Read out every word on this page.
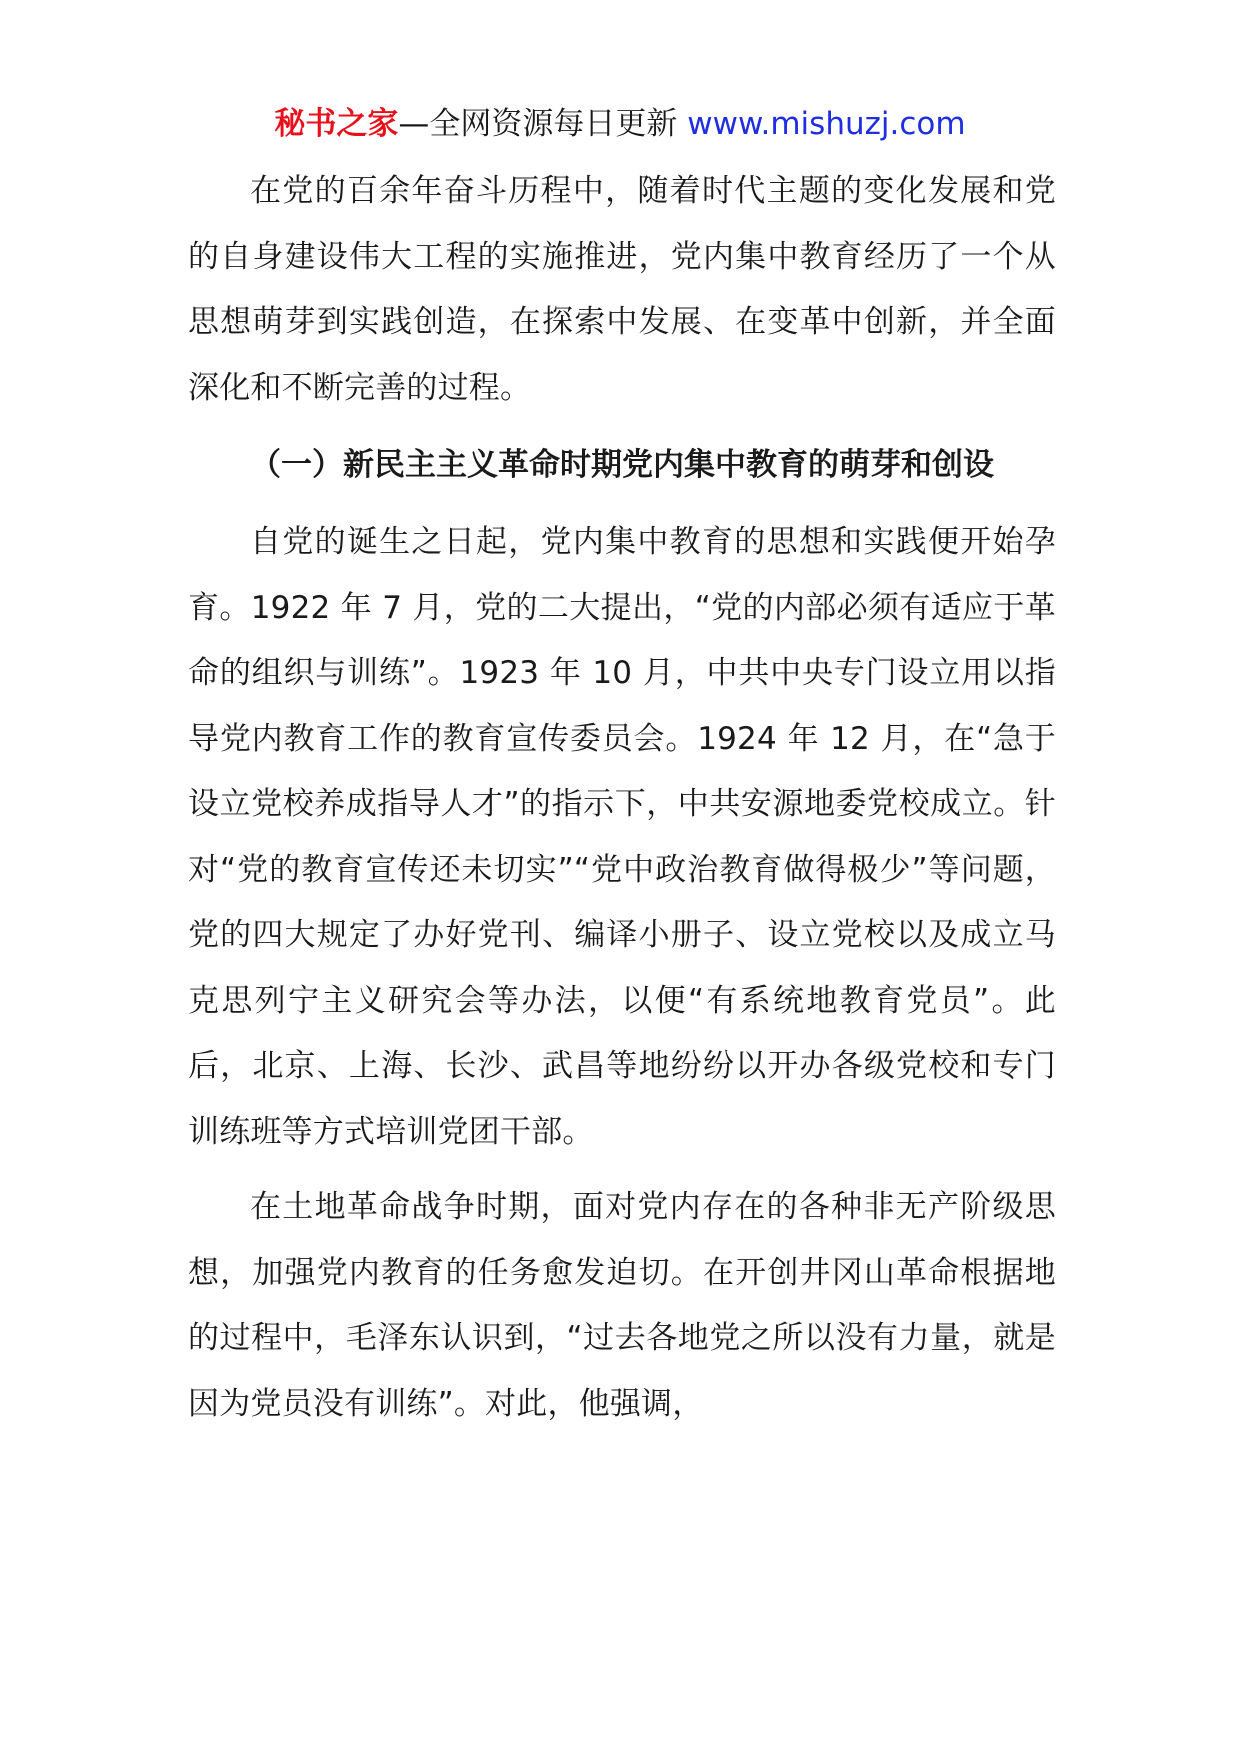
秘书之家—全网资源每日更新 www.mishuzj.com

在党的百余年奋斗历程中，随着时代主题的变化发展和党的自身建设伟大工程的实施推进，党内集中教育经历了一个从思想萌芽到实践创造，在探索中发展、在变革中创新，并全面深化和不断完善的过程。

（一）新民主主义革命时期党内集中教育的萌芽和创设

自党的诞生之日起，党内集中教育的思想和实践便开始孕育。1922 年 7 月，党的二大提出，“党的内部必须有适应于革命的组织与训练”。1923 年 10 月，中共中央专门设立用以指导党内教育工作的教育宣传委员会。1924 年 12 月，在“急于设立党校养成指导人才”的指示下，中共安源地委党校成立。针对“党的教育宣传还未切实”“党中政治教育做得极少”等问题，党的四大规定了办好党刊、编译小册子、设立党校以及成立马克思列宁主义研究会等办法，以便“有系统地教育党员”。此后，北京、上海、长沙、武昌等地纷纷以开办各级党校和专门训练班等方式培训党团干部。

在土地革命战争时期，面对党内存在的各种非无产阶级思想，加强党内教育的任务愈发迫切。在开创井冈山革命根据地的过程中，毛泽东认识到，“过去各地党之所以没有力量，就是因为党员没有训练”。对此，他强调，
